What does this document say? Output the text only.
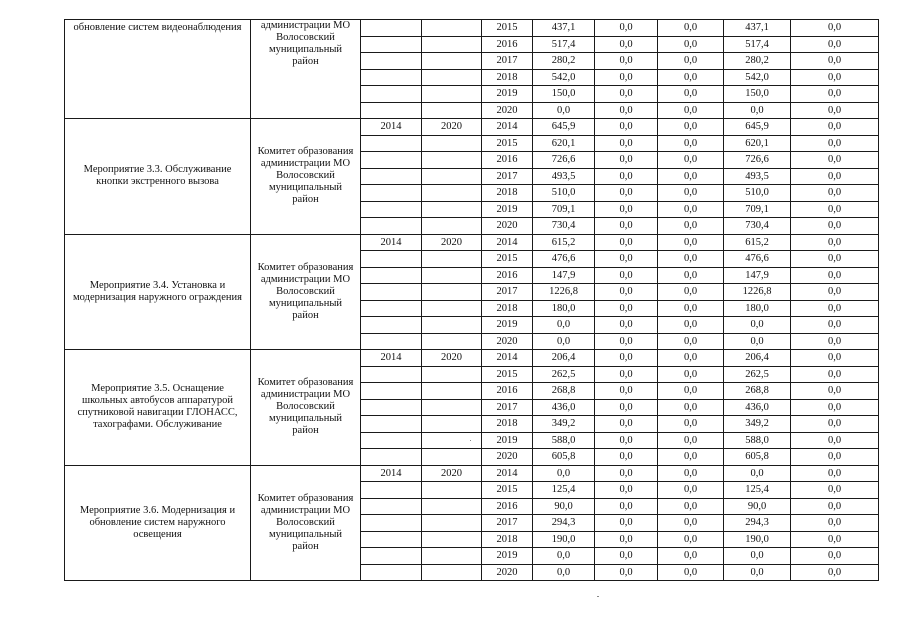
обновление систем видеонаблюдения	администрации МО Волосовский муниципальный район			2015	437,1	0,0	0,0	437,1	0,0
				2016	517,4	0,0	0,0	517,4	0,0
				2017	280,2	0,0	0,0	280,2	0,0
				2018	542,0	0,0	0,0	542,0	0,0
				2019	150,0	0,0	0,0	150,0	0,0
				2020	0,0	0,0	0,0	0,0	0,0
Мероприятие 3.3. Обслуживание кнопки экстренного вызова	Комитет образования администрации МО Волосовский муниципальный район	2014	2020	2014	645,9	0,0	0,0	645,9	0,0
				2015	620,1	0,0	0,0	620,1	0,0
				2016	726,6	0,0	0,0	726,6	0,0
				2017	493,5	0,0	0,0	493,5	0,0
				2018	510,0	0,0	0,0	510,0	0,0
				2019	709,1	0,0	0,0	709,1	0,0
				2020	730,4	0,0	0,0	730,4	0,0
Мероприятие 3.4. Установка и модернизация наружного ограждения	Комитет образования администрации МО Волосовский муниципальный район	2014	2020	2014	615,2	0,0	0,0	615,2	0,0
				2015	476,6	0,0	0,0	476,6	0,0
				2016	147,9	0,0	0,0	147,9	0,0
				2017	1226,8	0,0	0,0	1226,8	0,0
				2018	180,0	0,0	0,0	180,0	0,0
				2019	0,0	0,0	0,0	0,0	0,0
				2020	0,0	0,0	0,0	0,0	0,0
Мероприятие 3.5. Оснащение школьных автобусов аппаратурой спутниковой навигации ГЛОНАСС, тахографами. Обслуживание	Комитет образования администрации МО Волосовский муниципальный район	2014	2020	2014	206,4	0,0	0,0	206,4	0,0
				2015	262,5	0,0	0,0	262,5	0,0
				2016	268,8	0,0	0,0	268,8	0,0
				2017	436,0	0,0	0,0	436,0	0,0
				2018	349,2	0,0	0,0	349,2	0,0
				2019	588,0	0,0	0,0	588,0	0,0
				2020	605,8	0,0	0,0	605,8	0,0
Мероприятие 3.6. Модернизация и обновление систем наружного освещения	Комитет образования администрации МО Волосовский муниципальный район	2014	2020	2014	0,0	0,0	0,0	0,0	0,0
				2015	125,4	0,0	0,0	125,4	0,0
				2016	90,0	0,0	0,0	90,0	0,0
				2017	294,3	0,0	0,0	294,3	0,0
				2018	190,0	0,0	0,0	190,0	0,0
				2019	0,0	0,0	0,0	0,0	0,0
				2020	0,0	0,0	0,0	0,0	0,0
